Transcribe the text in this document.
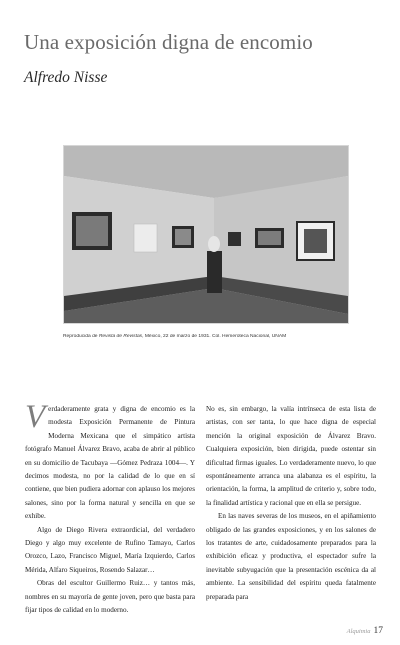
Una exposición digna de encomio
Alfredo Nisse
Reproducida de Revista de Revistas, México, 22 de marzo de 1931. Col. Hemeroteca Nacional, UNAM

Verdaderamente grata y digna de encomio es la modesta Exposición Permanente de Pintura Moderna Mexicana que el simpático artista fotógrafo Manuel Álvarez Bravo, acaba de abrir al público en su domicilio de Tacubaya —Gómez Pedraza 1004—. Y decimos modesta, no por la calidad de lo que en sí contiene, que bien pudiera adornar con aplauso los mejores salones, sino por la forma natural y sencilla en que se exhibe.

Algo de Diego Rivera extraordicial, del verdadero Diego y algo muy excelente de Rufino Tamayo, Carlos Orozco, Lazo, Francisco Miguel, María Izquierdo, Carlos Mérida, Alfaro Siqueiros, Rosendo Salazar…

Obras del escultor Guillermo Ruiz… y tantos más, nombres en su mayoría de gente joven, pero que basta para fijar tipos de calidad en lo moderno.

No es, sin embargo, la valía intrínseca de esta lista de artistas, con ser tanta, lo que hace digna de especial mención la original exposición de Álvarez Bravo. Cualquiera exposición, bien dirigida, puede ostentar sin dificultad firmas iguales. Lo verdaderamente nuevo, lo que espontáneamente arranca una alabanza es el espíritu, la orientación, la forma, la amplitud de criterio y, sobre todo, la finalidad artística y racional que en ella se persigue.

En las naves severas de los museos, en el apiñamiento obligado de las grandes exposiciones, y en los salones de los tratantes de arte, cuidadosamente preparados para la exhibición eficaz y productiva, el espectador sufre la inevitable subyugación que la presentación escénica da al ambiente. La sensibilidad del espíritu queda fatalmente preparada para

Alquimia 17
